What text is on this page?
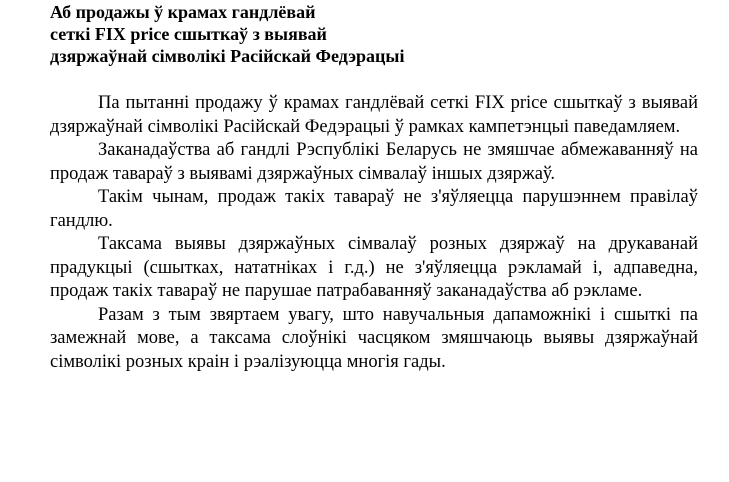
Аб продажы ў крамах гандлёвай
сеткі FIX price сшыткаў з выявай
дзяржаўнай сімволікі Расійскай Федэрацыі

Па пытанні продажу ў крамах гандлёвай сеткі FIX price сшыткаў з выявай дзяржаўнай сімволікі Расійскай Федэрацыі ў рамках кампетэнцыі паведамляем.

Заканадаўства аб гандлі Рэспублікі Беларусь не змяшчае абмежаванняў на продаж тавараў з выявамі дзяржаўных сімвалаў іншых дзяржаў.

Такім чынам, продаж такіх тавараў не з'яўляецца парушэннем правілаў гандлю.

Таксама выявы дзяржаўных сімвалаў розных дзяржаў на друкаванай прадукцыі (сшытках, нататніках і г.д.) не з'яўляецца рэкламай і, адпаведна, продаж такіх тавараў не парушае патрабаванняў заканадаўства аб рэкламе.

Разам з тым звяртаем увагу, што навучальныя дапаможнікі і сшыткі па замежнай мове, а таксама слоўнікі часцяком змяшчаюць выявы дзяржаўнай сімволікі розных краін і рэалізуюцца многія гады.
